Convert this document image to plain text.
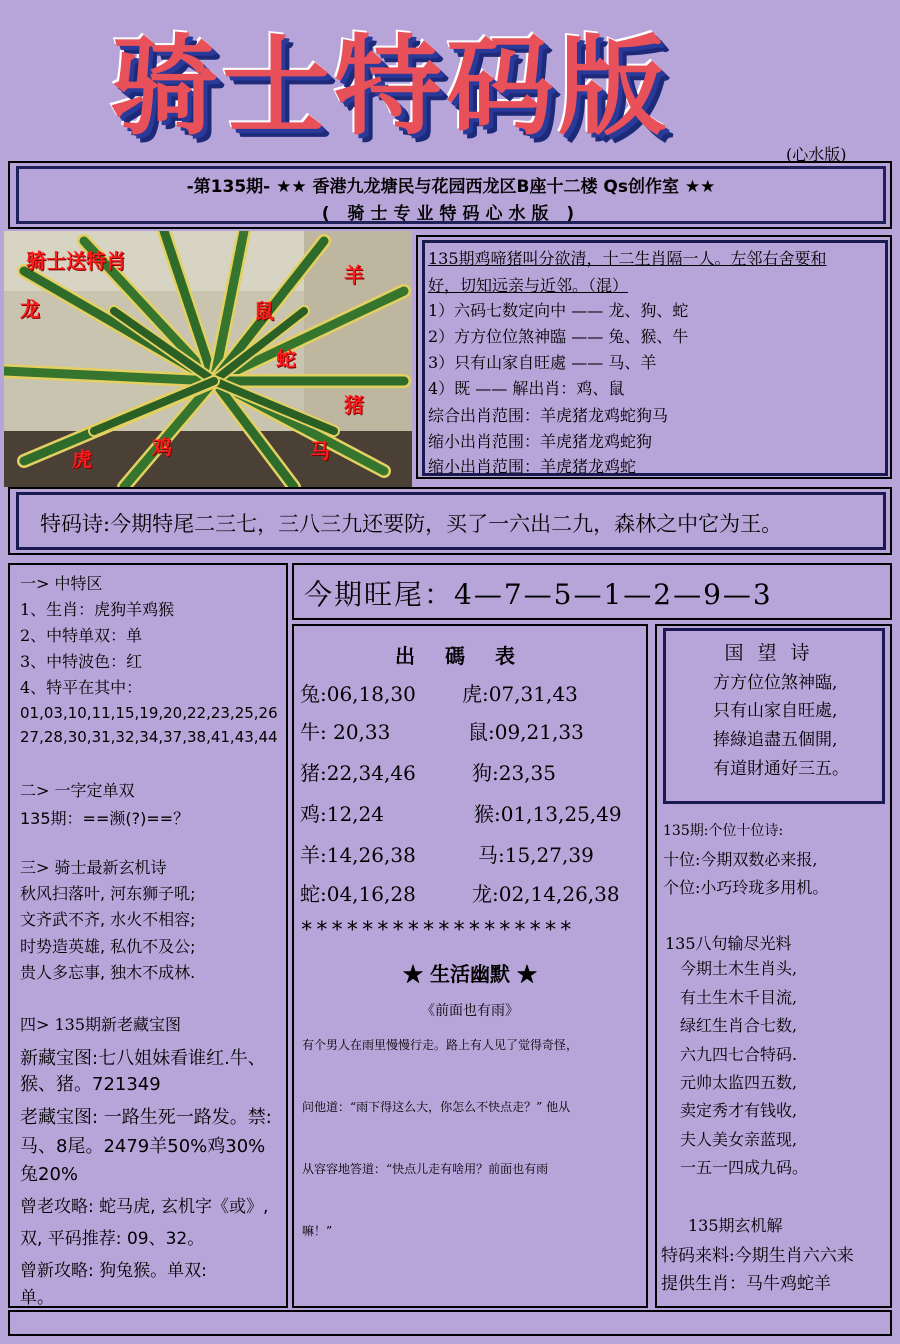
骑士特码版
(心水版)
-第135期- ★★ 香港九龙塘民与花园西龙区B座十二楼 Qs创作室 ★★
( 骑士专业特码心水版 )
骑士送特肖
羊
龙	鼠
蛇
猪
虎	鸡	马
135期鸡啼猪叫分欲清，十二生肖隔一人。左邻右舍要和
好，切知远亲与近邻。（混）
1）六码七数定向中 —— 龙、狗、蛇
2）方方位位煞神臨 —— 兔、猴、牛
3）只有山家自旺處 —— 马、羊
4）既 —— 解出肖：鸡、鼠
综合出肖范围：羊虎猪龙鸡蛇狗马
缩小出肖范围：羊虎猪龙鸡蛇狗
缩小出肖范围：羊虎猪龙鸡蛇
特码诗:今期特尾二三七，三八三九还要防，买了一六出二九，森林之中它为王。
一> 中特区
1、生肖：虎狗羊鸡猴
2、中特单双：单
3、中特波色：红
4、特平在其中：
01,03,10,11,15,19,20,22,23,25,26
27,28,30,31,32,34,37,38,41,43,44
二> 一字定单双
135期：==濒(?)==？
三> 骑士最新玄机诗
秋风扫落叶, 河东狮子吼;
文齐武不齐, 水火不相容;
时势造英雄, 私仇不及公;
贵人多忘事, 独木不成林.
四> 135期新老藏宝图
新藏宝图:七八姐妹看谁红.牛、
猴、猪。721349
老藏宝图: 一路生死一路发。禁:
马、8尾。2479羊50%鸡30%
兔20%
曾老攻略: 蛇马虎, 玄机字《或》,
双, 平码推荐: 09、32。
曾新攻略: 狗兔猴。单双:
单。
今期旺尾：4—7—5—1—2—9—3
出碼表
兔:06,18,30 虎:07,31,43
牛: 20,33	鼠:09,21,33
猪:22,34,46	狗:23,35
鸡:12,24	猴:01,13,25,49
羊:14,26,38	马:15,27,39
蛇:04,16,28	龙:02,14,26,38
******************
★ 生活幽默 ★
《前面也有雨》
有个男人在雨里慢慢行走。路上有人见了觉得奇怪，
问他道：“雨下得这么大，你怎么不快点走？” 他从
从容容地答道：“快点儿走有啥用？前面也有雨
嘛！”
国望诗
方方位位煞神臨,
只有山家自旺處,
捧綠追盡五個開,
有道財通好三五。
135期:个位十位诗:
十位:今期双数必来报,
个位:小巧玲珑多用机。
135八句输尽光料
今期土木生肖头,
有土生木千目流,
绿红生肖合七数,
六九四七合特码.
元帅太监四五数,
卖定秀才有钱收,
夫人美女亲蓝现,
一五一四成九码。
135期玄机解
特码来料:今期生肖六六来
提供生肖：马牛鸡蛇羊
